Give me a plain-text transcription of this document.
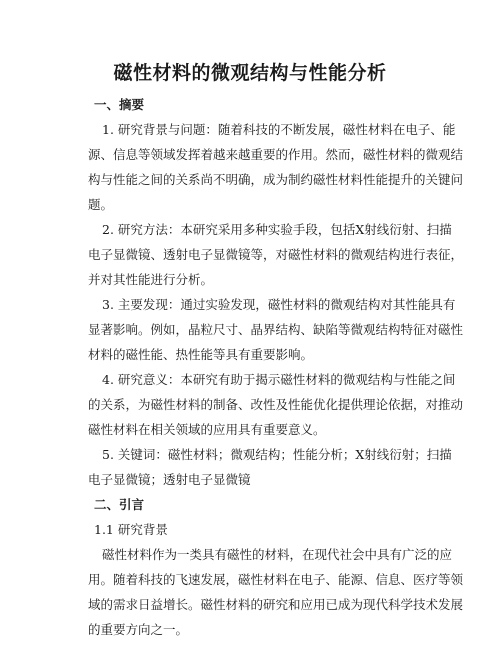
磁性材料的微观结构与性能分析
一、摘要
1. 研究背景与问题：随着科技的不断发展，磁性材料在电子、能
源、信息等领域发挥着越来越重要的作用。然而，磁性材料的微观结
构与性能之间的关系尚不明确，成为制约磁性材料性能提升的关键问
题。
2. 研究方法：本研究采用多种实验手段，包括X射线衍射、扫描
电子显微镜、透射电子显微镜等，对磁性材料的微观结构进行表征，
并对其性能进行分析。
3. 主要发现：通过实验发现，磁性材料的微观结构对其性能具有
显著影响。例如，晶粒尺寸、晶界结构、缺陷等微观结构特征对磁性
材料的磁性能、热性能等具有重要影响。
4. 研究意义：本研究有助于揭示磁性材料的微观结构与性能之间
的关系，为磁性材料的制备、改性及性能优化提供理论依据，对推动
磁性材料在相关领域的应用具有重要意义。
5. 关键词：磁性材料；微观结构；性能分析；X射线衍射；扫描
电子显微镜；透射电子显微镜
二、引言
1.1 研究背景
磁性材料作为一类具有磁性的材料，在现代社会中具有广泛的应
用。随着科技的飞速发展，磁性材料在电子、能源、信息、医疗等领
域的需求日益增长。磁性材料的研究和应用已成为现代科学技术发展
的重要方向之一。
